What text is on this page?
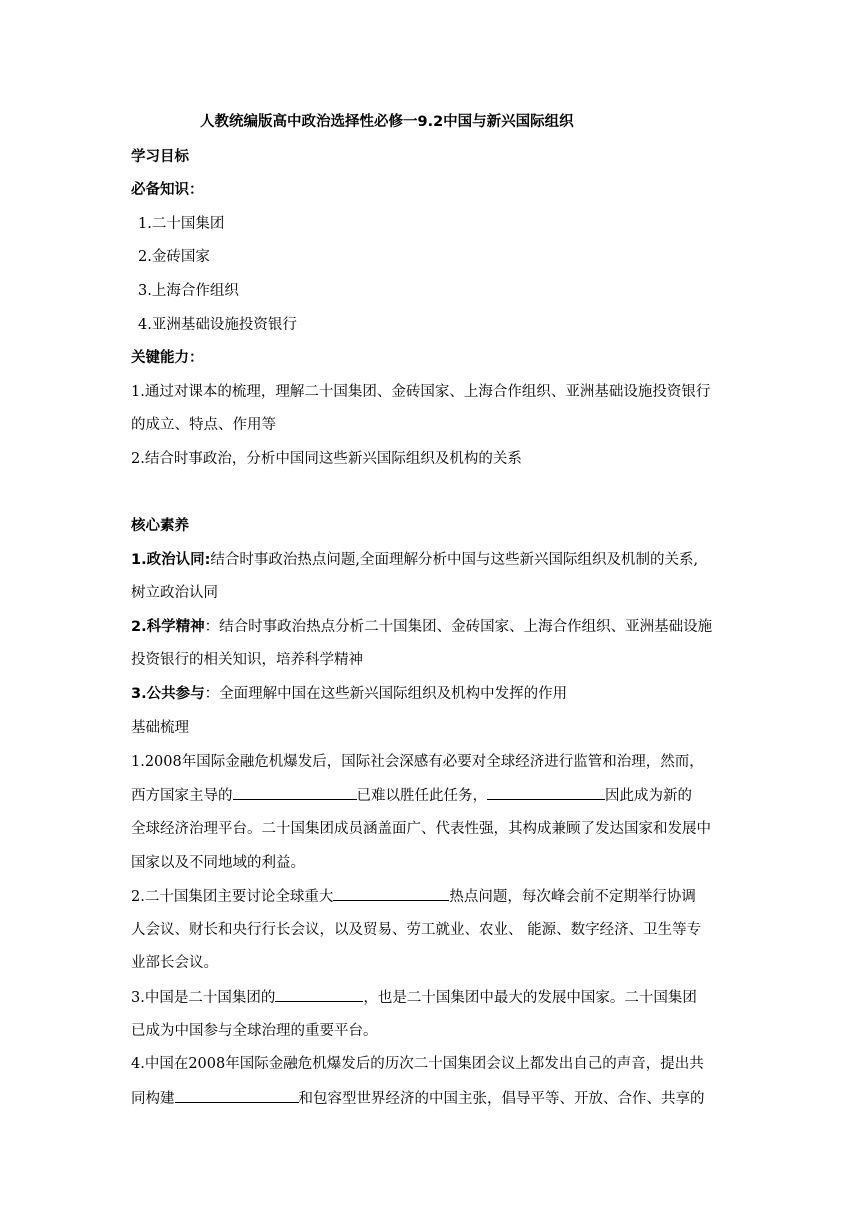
人教统编版高中政治选择性必修一9.2中国与新兴国际组织
学习目标
必备知识：
1.二十国集团
2.金砖国家
3.上海合作组织
4.亚洲基础设施投资银行
关键能力：
1.通过对课本的梳理，理解二十国集团、金砖国家、上海合作组织、亚洲基础设施投资银行
的成立、特点、作用等
2.结合时事政治，分析中国同这些新兴国际组织及机构的关系
核心素养
1.政治认同:结合时事政治热点问题,全面理解分析中国与这些新兴国际组织及机制的关系,
树立政治认同
2.科学精神：结合时事政治热点分析二十国集团、金砖国家、上海合作组织、亚洲基础设施
投资银行的相关知识，培养科学精神
3.公共参与：全面理解中国在这些新兴国际组织及机构中发挥的作用
基础梳理
1.2008年国际金融危机爆发后，国际社会深感有必要对全球经济进行监管和治理，然而，
西方国家主导的	已难以胜任此任务，	因此成为新的
全球经济治理平台。二十国集团成员涵盖面广、代表性强，其构成兼顾了发达国家和发展中
国家以及不同地域的利益。
2.二十国集团主要讨论全球重大	热点问题，每次峰会前不定期举行协调
人会议、财长和央行行长会议，以及贸易、劳工就业、农业、 能源、数字经济、卫生等专
业部长会议。
3.中国是二十国集团的	，也是二十国集团中最大的发展中国家。二十国集团
已成为中国参与全球治理的重要平台。
4.中国在2008年国际金融危机爆发后的历次二十国集团会议上都发出自己的声音，提出共
同构建	和包容型世界经济的中国主张，倡导平等、开放、合作、共享的
